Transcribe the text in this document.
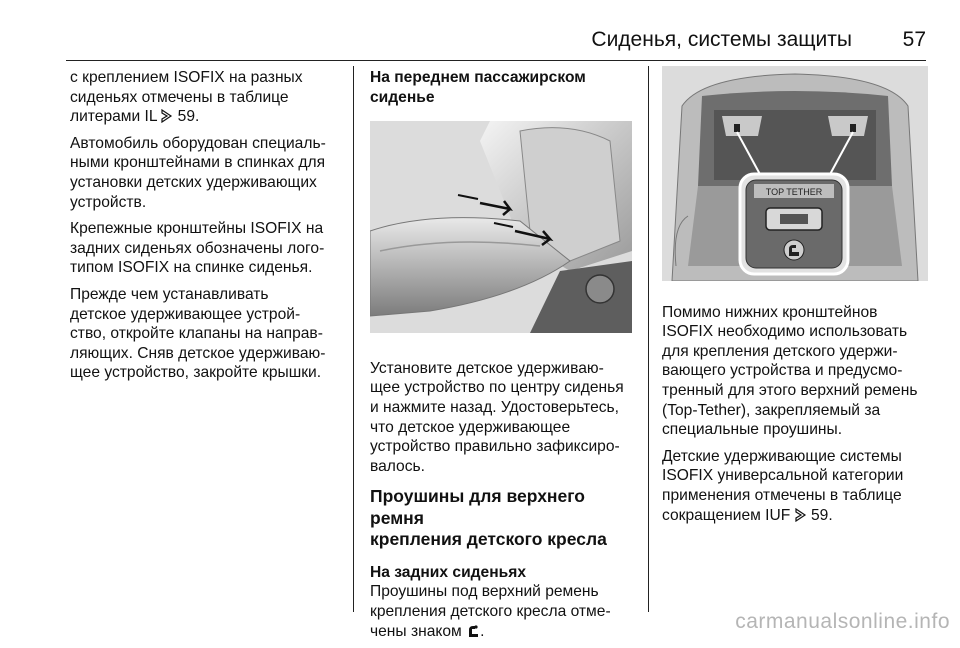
Сиденья, системы защиты 57

с креплением ISOFIX на разных
сиденьях отмечены в таблице
литерами IL  59.

Автомобиль оборудован специаль-
ными кронштейнами в спинках для
установки детских удерживающих
устройств.

Крепежные кронштейны ISOFIX на
задних сиденьях обозначены лого-
типом ISOFIX на спинке сиденья.

Прежде чем устанавливать
детское удерживающее устрой-
ство, откройте клапаны на направ-
ляющих. Сняв детское удерживаю-
щее устройство, закройте крышки.

На переднем пассажирском
сиденье

Установите детское удерживаю-
щее устройство по центру сиденья
и нажмите назад. Удостоверьтесь,
что детское удерживающее
устройство правильно зафиксиро-
валось.

Проушины для верхнего ремня
крепления детского кресла
На задних сиденьях

Проушины под верхний ремень
крепления детского кресла отме-
чены знаком .

TOP TETHER

Помимо нижних кронштейнов
ISOFIX необходимо использовать
для крепления детского удержи-
вающего устройства и предусмо-
тренный для этого верхний ремень
(Top-Tether), закрепляемый за
специальные проушины.

Детские удерживающие системы
ISOFIX универсальной категории
применения отмечены в таблице
сокращением IUF  59.

carmanualsonline.info
